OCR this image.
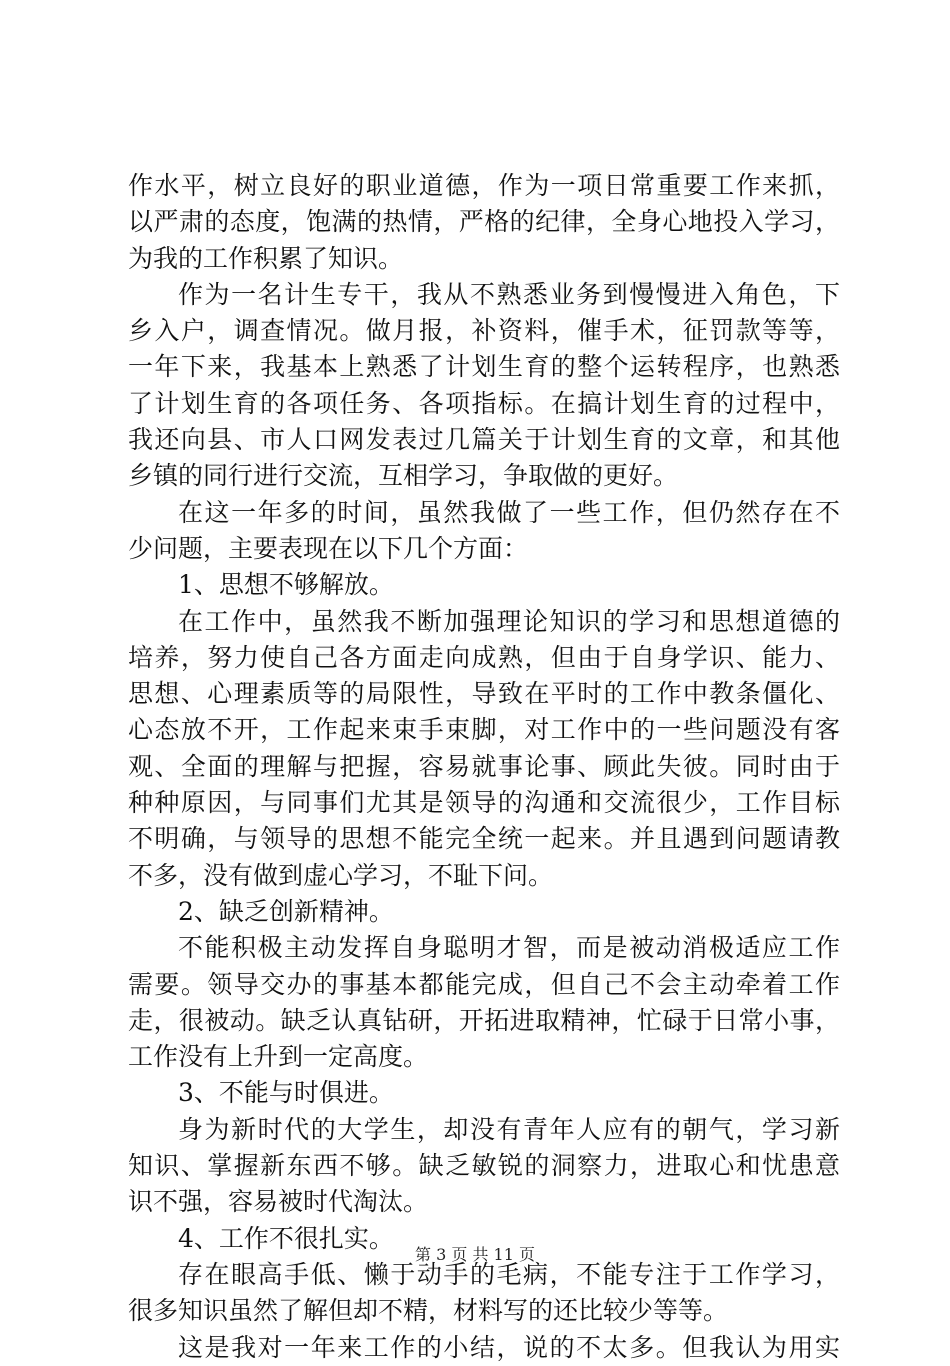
作水平，树立良好的职业道德，作为一项日常重要工作来抓，
以严肃的态度，饱满的热情，严格的纪律，全身心地投入学习，
为我的工作积累了知识。
作为一名计生专干，我从不熟悉业务到慢慢进入角色，下
乡入户，调查情况。做月报，补资料，催手术，征罚款等等，
一年下来，我基本上熟悉了计划生育的整个运转程序，也熟悉
了计划生育的各项任务、各项指标。在搞计划生育的过程中，
我还向县、市人口网发表过几篇关于计划生育的文章，和其他
乡镇的同行进行交流，互相学习，争取做的更好。
在这一年多的时间，虽然我做了一些工作，但仍然存在不
少问题，主要表现在以下几个方面：
1、思想不够解放。
在工作中，虽然我不断加强理论知识的学习和思想道德的
培养，努力使自己各方面走向成熟，但由于自身学识、能力、
思想、心理素质等的局限性，导致在平时的工作中教条僵化、
心态放不开，工作起来束手束脚，对工作中的一些问题没有客
观、全面的理解与把握，容易就事论事、顾此失彼。同时由于
种种原因，与同事们尤其是领导的沟通和交流很少，工作目标
不明确，与领导的思想不能完全统一起来。并且遇到问题请教
不多，没有做到虚心学习，不耻下问。
2、缺乏创新精神。
不能积极主动发挥自身聪明才智，而是被动消极适应工作
需要。领导交办的事基本都能完成，但自己不会主动牵着工作
走，很被动。缺乏认真钻研，开拓进取精神，忙碌于日常小事，
工作没有上升到一定高度。
3、不能与时俱进。
身为新时代的大学生，却没有青年人应有的朝气，学习新
知识、掌握新东西不够。缺乏敏锐的洞察力，进取心和忧患意
识不强，容易被时代淘汰。
4、工作不很扎实。
存在眼高手低、懒于动手的毛病，不能专注于工作学习，
很多知识虽然了解但却不精，材料写的还比较少等等。
这是我对一年来工作的小结，说的不太多。但我认为用实
第 3 页 共 11 页
